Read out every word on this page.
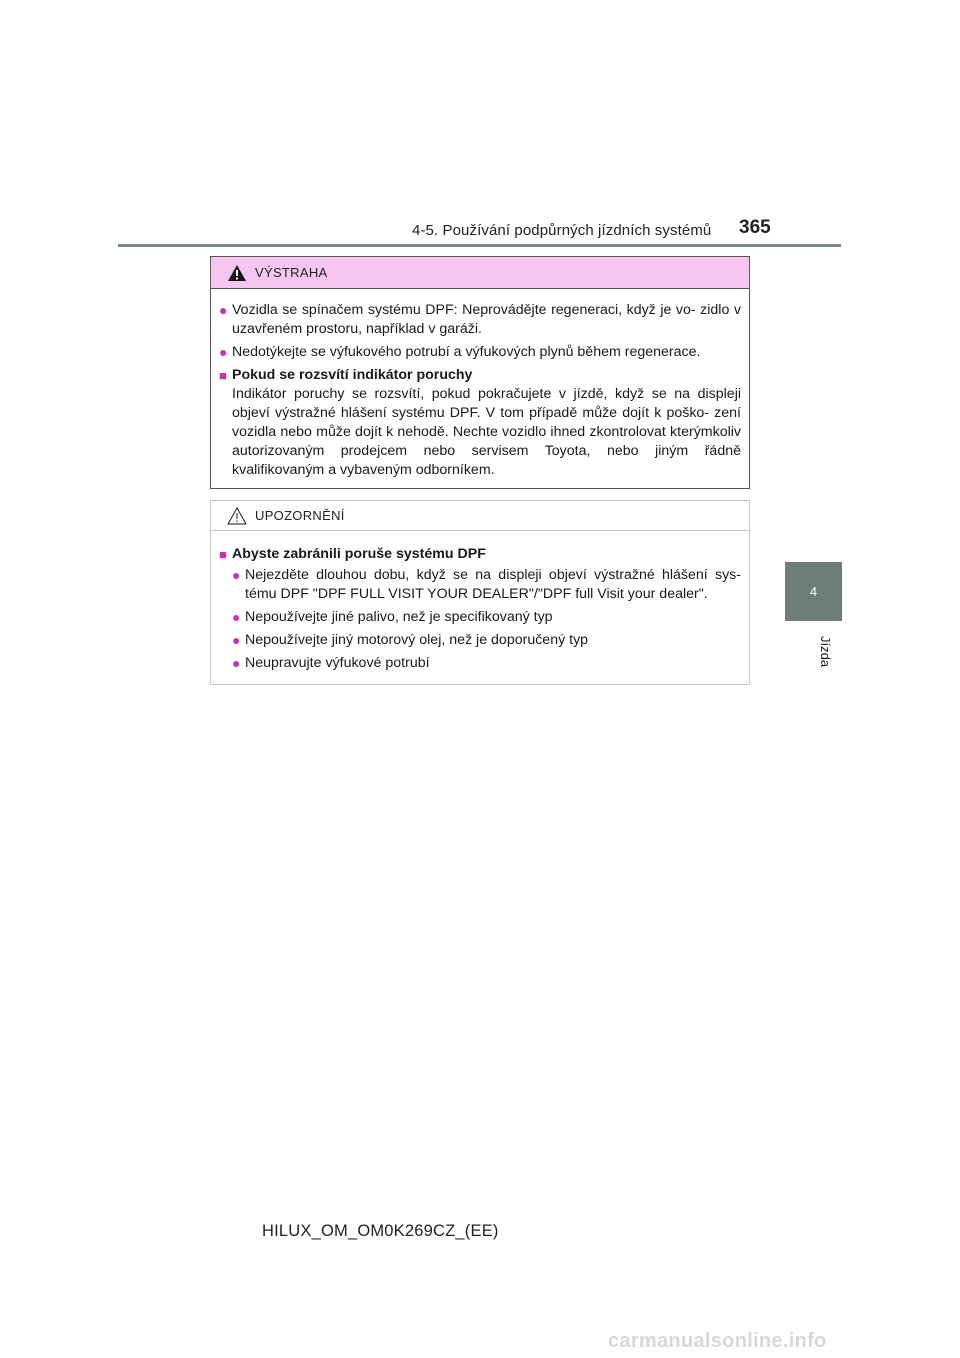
4-5. Používání podpůrných jízdních systémů 365
4
Jízda
VÝSTRAHA
● Vozidla se spínačem systému DPF: Neprovádějte regeneraci, když je vo- zidlo v uzavřeném prostoru, například v garáži.
● Nedotýkejte se výfukového potrubí a výfukových plynů během regenerace.
■ Pokud se rozsvítí indikátor poruchy
Indikátor poruchy se rozsvítí, pokud pokračujete v jízdě, když se na displeji objeví výstražné hlášení systému DPF. V tom případě může dojít k poško- zení vozidla nebo může dojít k nehodě. Nechte vozidlo ihned zkontrolovat kterýmkoliv autorizovaným prodejcem nebo servisem Toyota, nebo jiným řádně kvalifikovaným a vybaveným odborníkem.
UPOZORNĚNÍ
■ Abyste zabránili poruše systému DPF
● Nejezděte dlouhou dobu, když se na displeji objeví výstražné hlášení sys- tému DPF "DPF FULL VISIT YOUR DEALER"/"DPF full Visit your dealer".
● Nepoužívejte jiné palivo, než je specifikovaný typ
● Nepoužívejte jiný motorový olej, než je doporučený typ
● Neupravujte výfukové potrubí
HILUX_OM_OM0K269CZ_(EE)
carmanualsonline.info
